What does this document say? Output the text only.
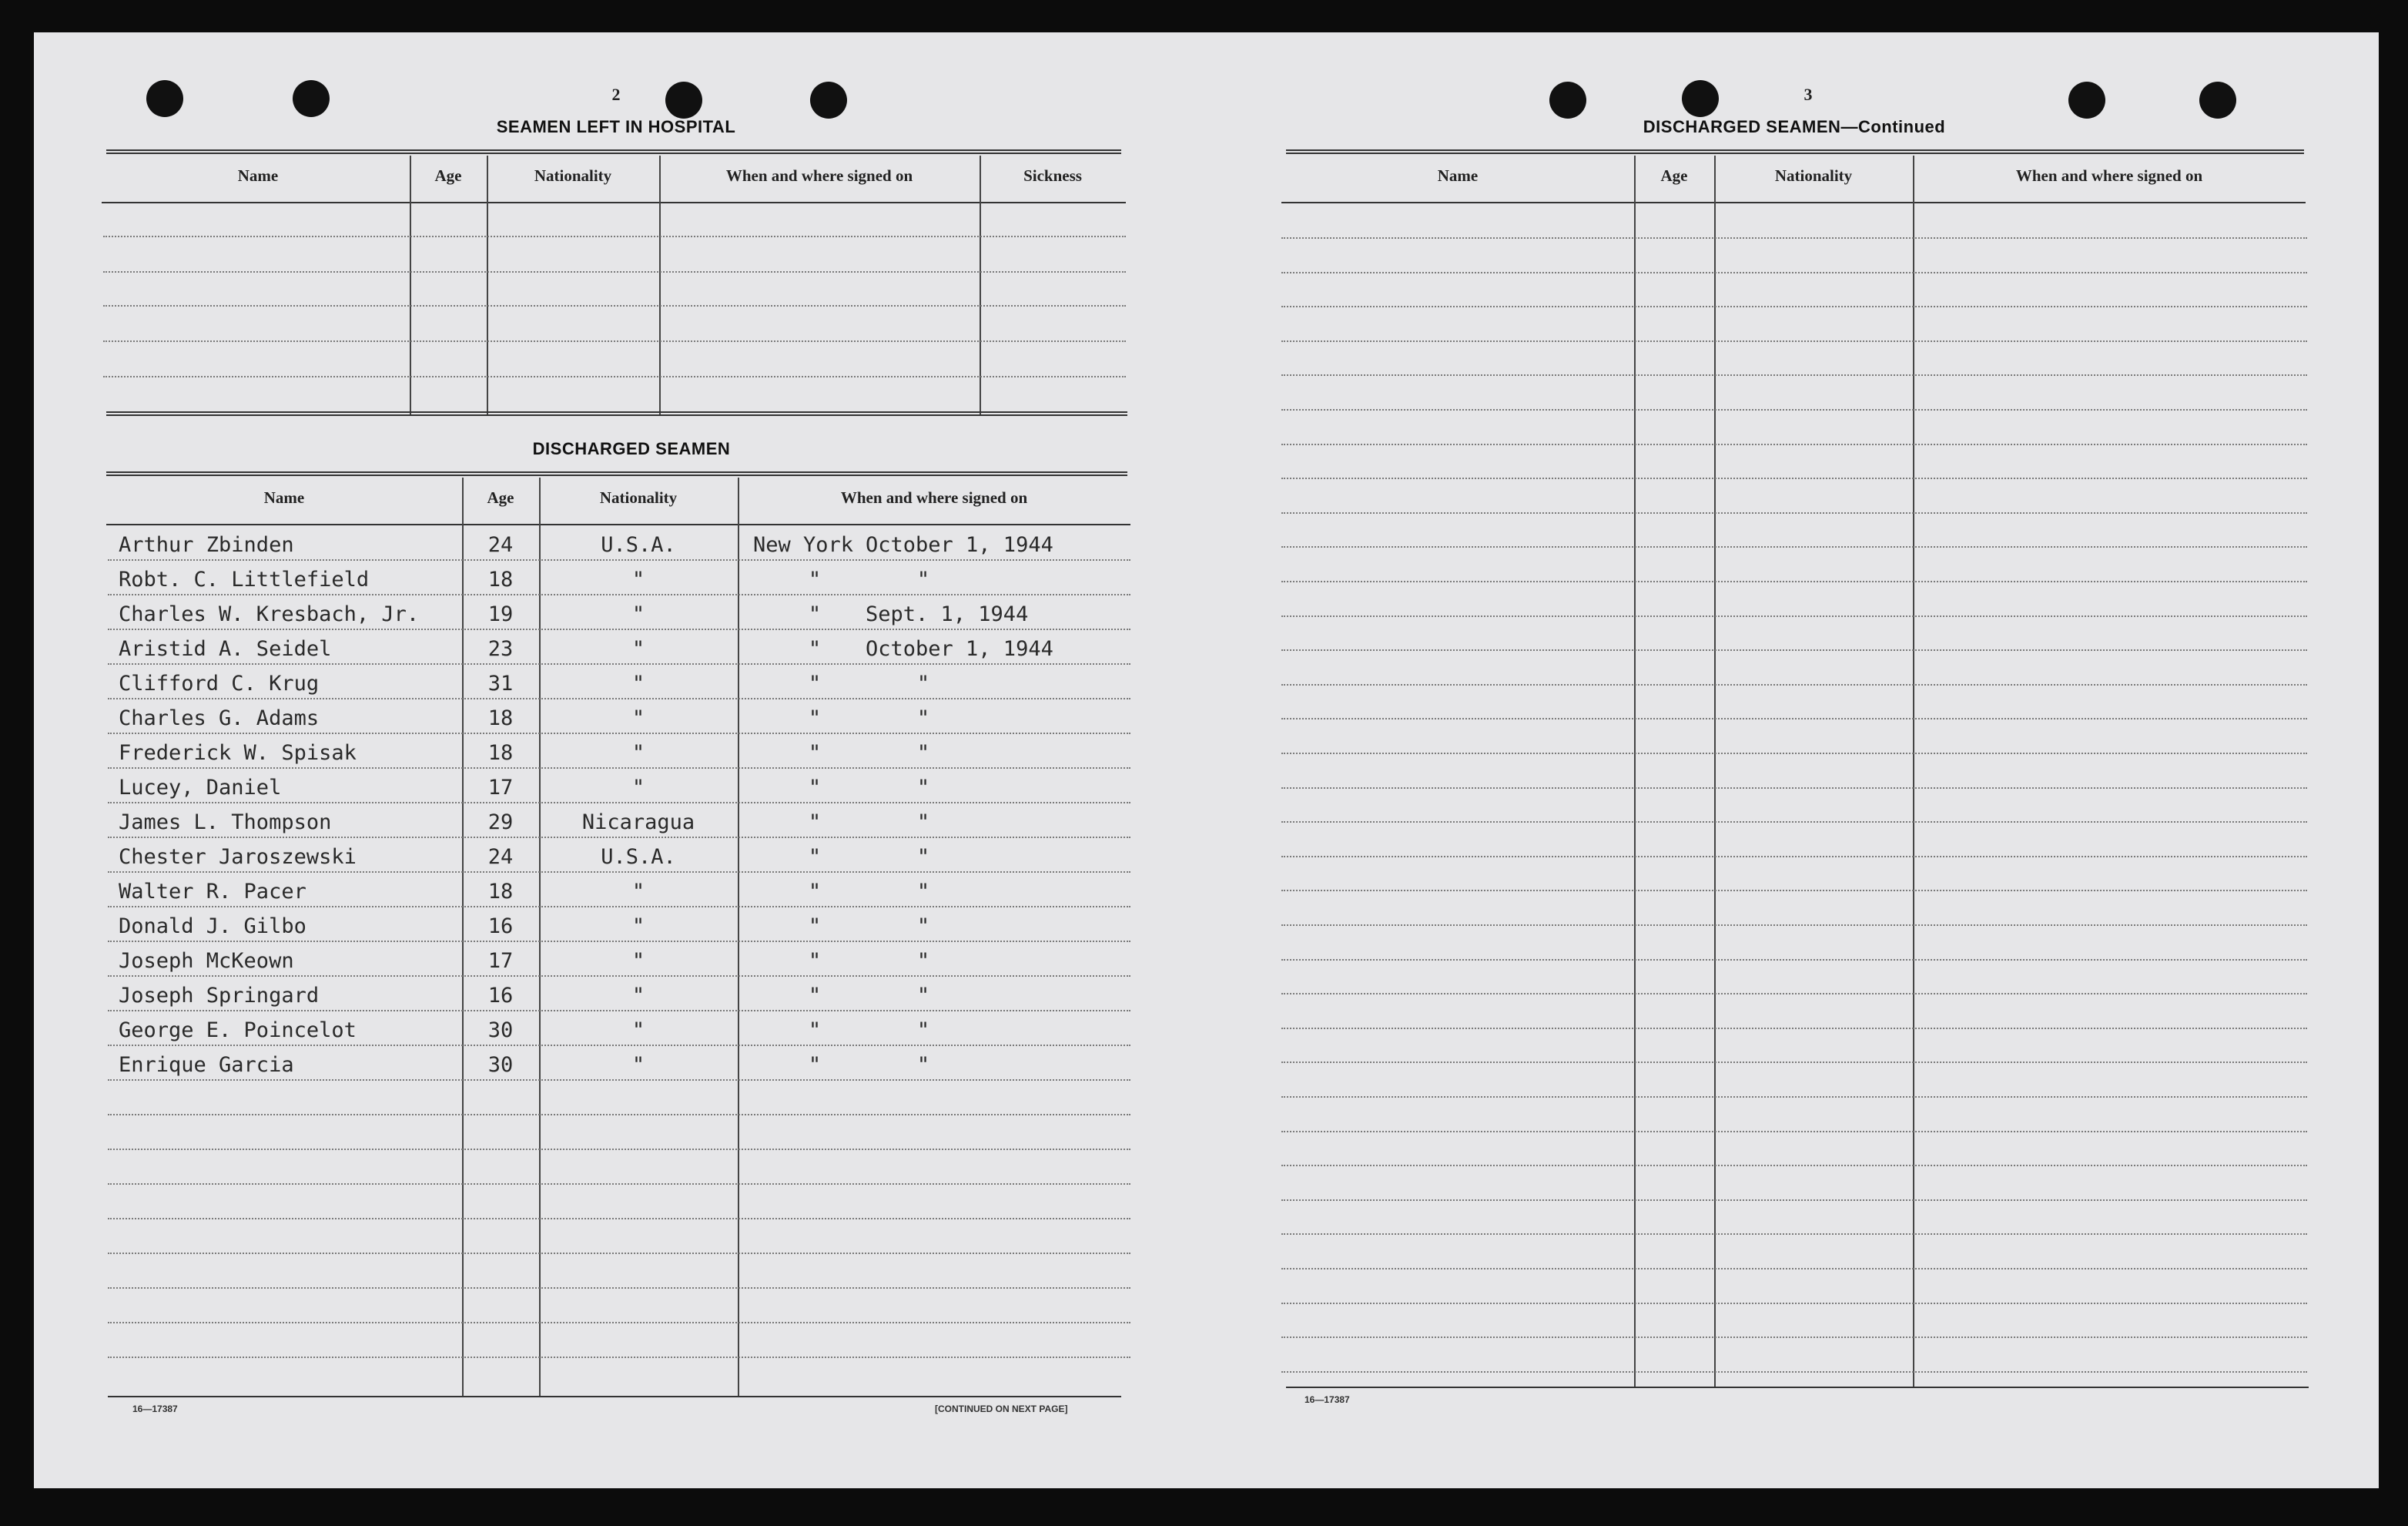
2
SEAMEN LEFT IN HOSPITAL
Name	Age	Nationality	When and where signed on	Sickness
DISCHARGED SEAMEN
Name	Age	Nationality	When and where signed on
Arthur Zbinden	24	U.S.A.	New York October 1, 1944
Robt. C. Littlefield	18	"	"	"
Charles W. Kresbach, Jr.	19	"	"	Sept. 1, 1944
Aristid A. Seidel	23	"	"	October 1, 1944
Clifford C. Krug	31	"	"	"
Charles G. Adams	18	"	"	"
Frederick W. Spisak	18	"	"	"
Lucey, Daniel	17	"	"	"
James L. Thompson	29	Nicaragua	"	"
Chester Jaroszewski	24	U.S.A.	"	"
Walter R. Pacer	18	"	"	"
Donald J. Gilbo	16	"	"	"
Joseph McKeown	17	"	"	"
Joseph Springard	16	"	"	"
George E. Poincelot	30	"	"	"
Enrique Garcia	30	"	"	"
16—17387	[CONTINUED ON NEXT PAGE]
3
DISCHARGED SEAMEN—Continued
Name	Age	Nationality	When and where signed on
16—17387
